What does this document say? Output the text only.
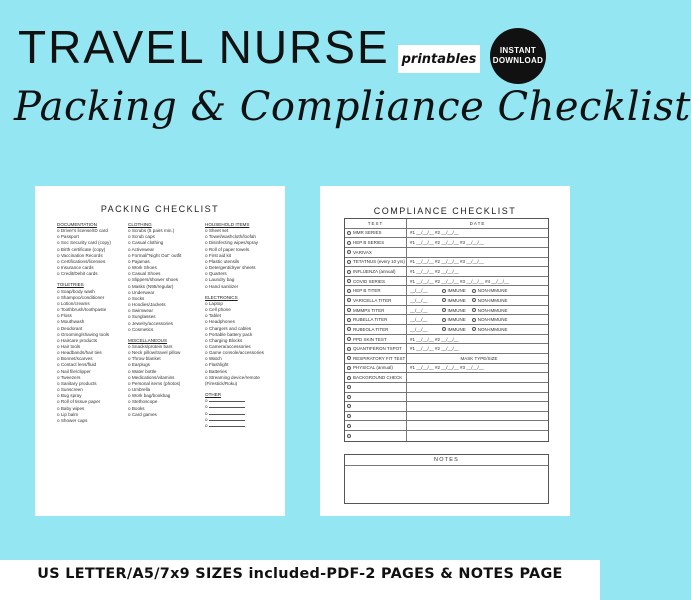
TRAVEL NURSE printables
INSTANT
DOWNLOAD
Packing & Compliance Checklist
PACKING CHECKLIST
DOCUMENTATION
o Driver's license/ID card
o Passport
o Soc Security card (copy)
o Birth certificate (copy)
o Vaccination Records
o Certifications/licenses
o Insurance cards
o Credit/Debit cards
TOILETRIES
o Soap/body wash
o Shampoo/conditioner
o Lotion/creams
o Toothbrush/toothpaste
o Floss
o Mouthwash
o Deodorant
o Grooming/shaving tools
o Haircare products
o Hair tools
o Headbands/hair ties
o Bonnet/scarves
o Contact lens/fluid
o Nail file/clipper
o Tweezers
o Sanitary products
o Sunscreen
o Bug spray
o Roll of tissue paper
o Baby wipes
o Lip balm
o Shower caps
CLOTHING
o Scrubs (5 pairs min.)
o Scrub caps
o Casual clothing
o Activewear
o Formal/"Night Out" outfit
o Pajamas
o Work Shoes
o Casual Shoes
o Slippers/shower shoes
o Masks (N95/regular)
o Underwear
o Socks
o Hoodies/Jackets
o Swimwear
o Sunglasses
o Jewelry/accessories
o Cosmetics
MISCELLANEOUS
o Snacks/protein bars
o Neck pillow/travel pillow
o Throw blanket
o Earplugs
o Water bottle
o Medications/vitamins
o Personal items (photos)
o Umbrella
o Work bag/bookbag
o Stethoscope
o Books
o Card games
HOUSEHOLD ITEMS
o Sheet set
o Towel/washcloth/loofah
o Disinfecting wipes/spray
o Roll of paper towels
o First aid kit
o Plastic utensils
o Detergent/dryer sheets
o Quarters
o Laundry bag
o Hand sanitizer
ELECTRONICS
o Laptop
o Cell phone
o Tablet
o Headphones
o Chargers and cables
o Portable battery pack
o Charging Blocks
o Camera/accessories
o Game console/accessories
o Watch
o Flashlight
o Batteries
o Streaming device/remote
(Firestick/Roku)
OTHER
o
o
o
o
o
COMPLIANCE CHECKLIST
TEST	DATE
MMR SERIES	#1 __/__/__ #2 __/__/__
HEP B SERIES	#1 __/__/__ #2 __/__/__ #3 __/__/__
VARIVAX
TETATNUS (every 10 yrs) #1 __/__/__ #2 __/__/__ #3 __/__/__
INFLUENZA (annual)	#1 __/__/__ #2 __/__/__
COVID SERIES	#1 __/__/__ #2 __/__/__ #3 __/__/__ #4 __/__/__
HEP B TITER	__/__/__	IMMUNE	NON-IMMUNE
VARICELLA TITER	__/__/__	IMMUNE	NON-IMMUNE
MMMPS TITER	__/__/__	IMMUNE	NON-IMMUNE
RUBELLA TITER	__/__/__	IMMUNE	NON-IMMUNE
RUBEOLA TITER	__/__/__	IMMUNE	NON-IMMUNE
PPD SKIN TEST	#1 __/__/__ #2 __/__/__
QUANTIFERON TSPOT #1 __/__/__ #2 __/__/__
RESPIRATORY FIT TEST	MASK TYPE/SIZE
PHYSICAL (annual)	#1 __/__/__ #2 __/__/__ #3 __/__/__
BACKGROUND CHECK
NOTES
US LETTER/A5/7x9 SIZES included-PDF-2 PAGES & NOTES PAGE
